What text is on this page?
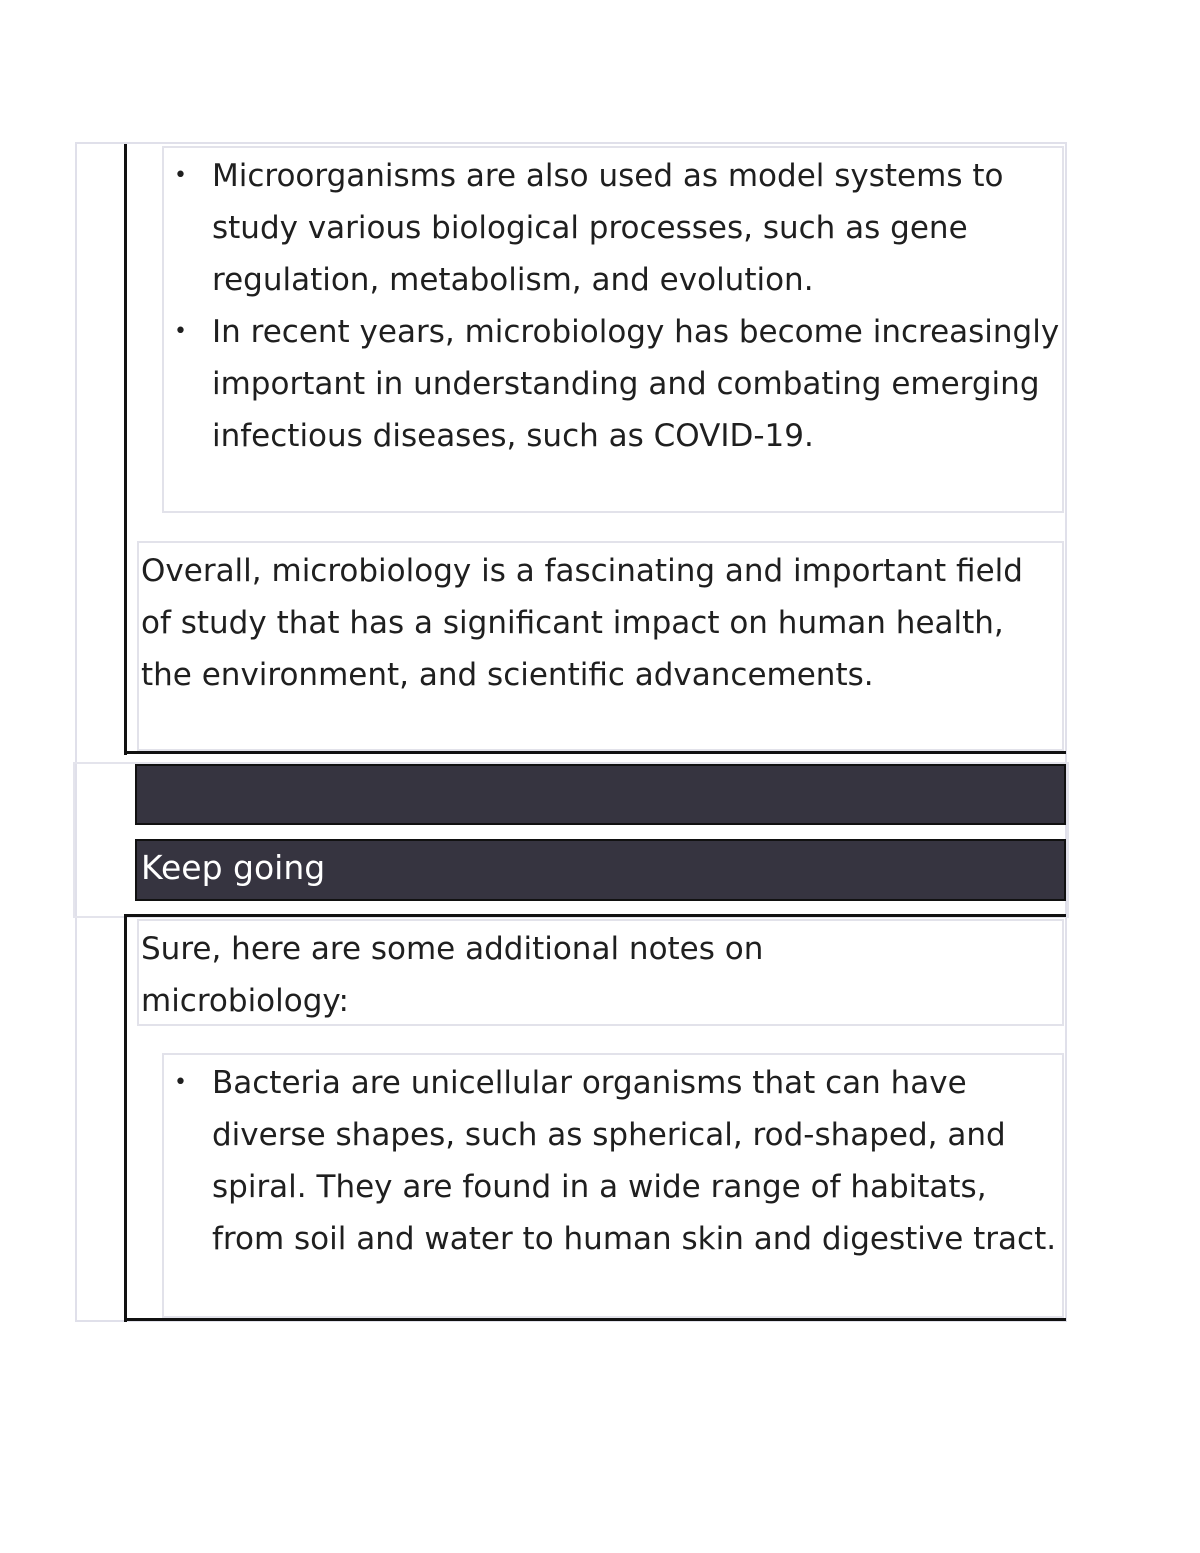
• Microorganisms are also used as model systems to study various biological processes, such as gene regulation, metabolism, and evolution.
• In recent years, microbiology has become increasingly important in understanding and combating emerging infectious diseases, such as COVID-19.

Overall, microbiology is a fascinating and important field of study that has a significant impact on human health, the environment, and scientific advancements.

Keep going

Sure, here are some additional notes on microbiology:

• Bacteria are unicellular organisms that can have diverse shapes, such as spherical, rod-shaped, and spiral. They are found in a wide range of habitats, from soil and water to human skin and digestive tract.
